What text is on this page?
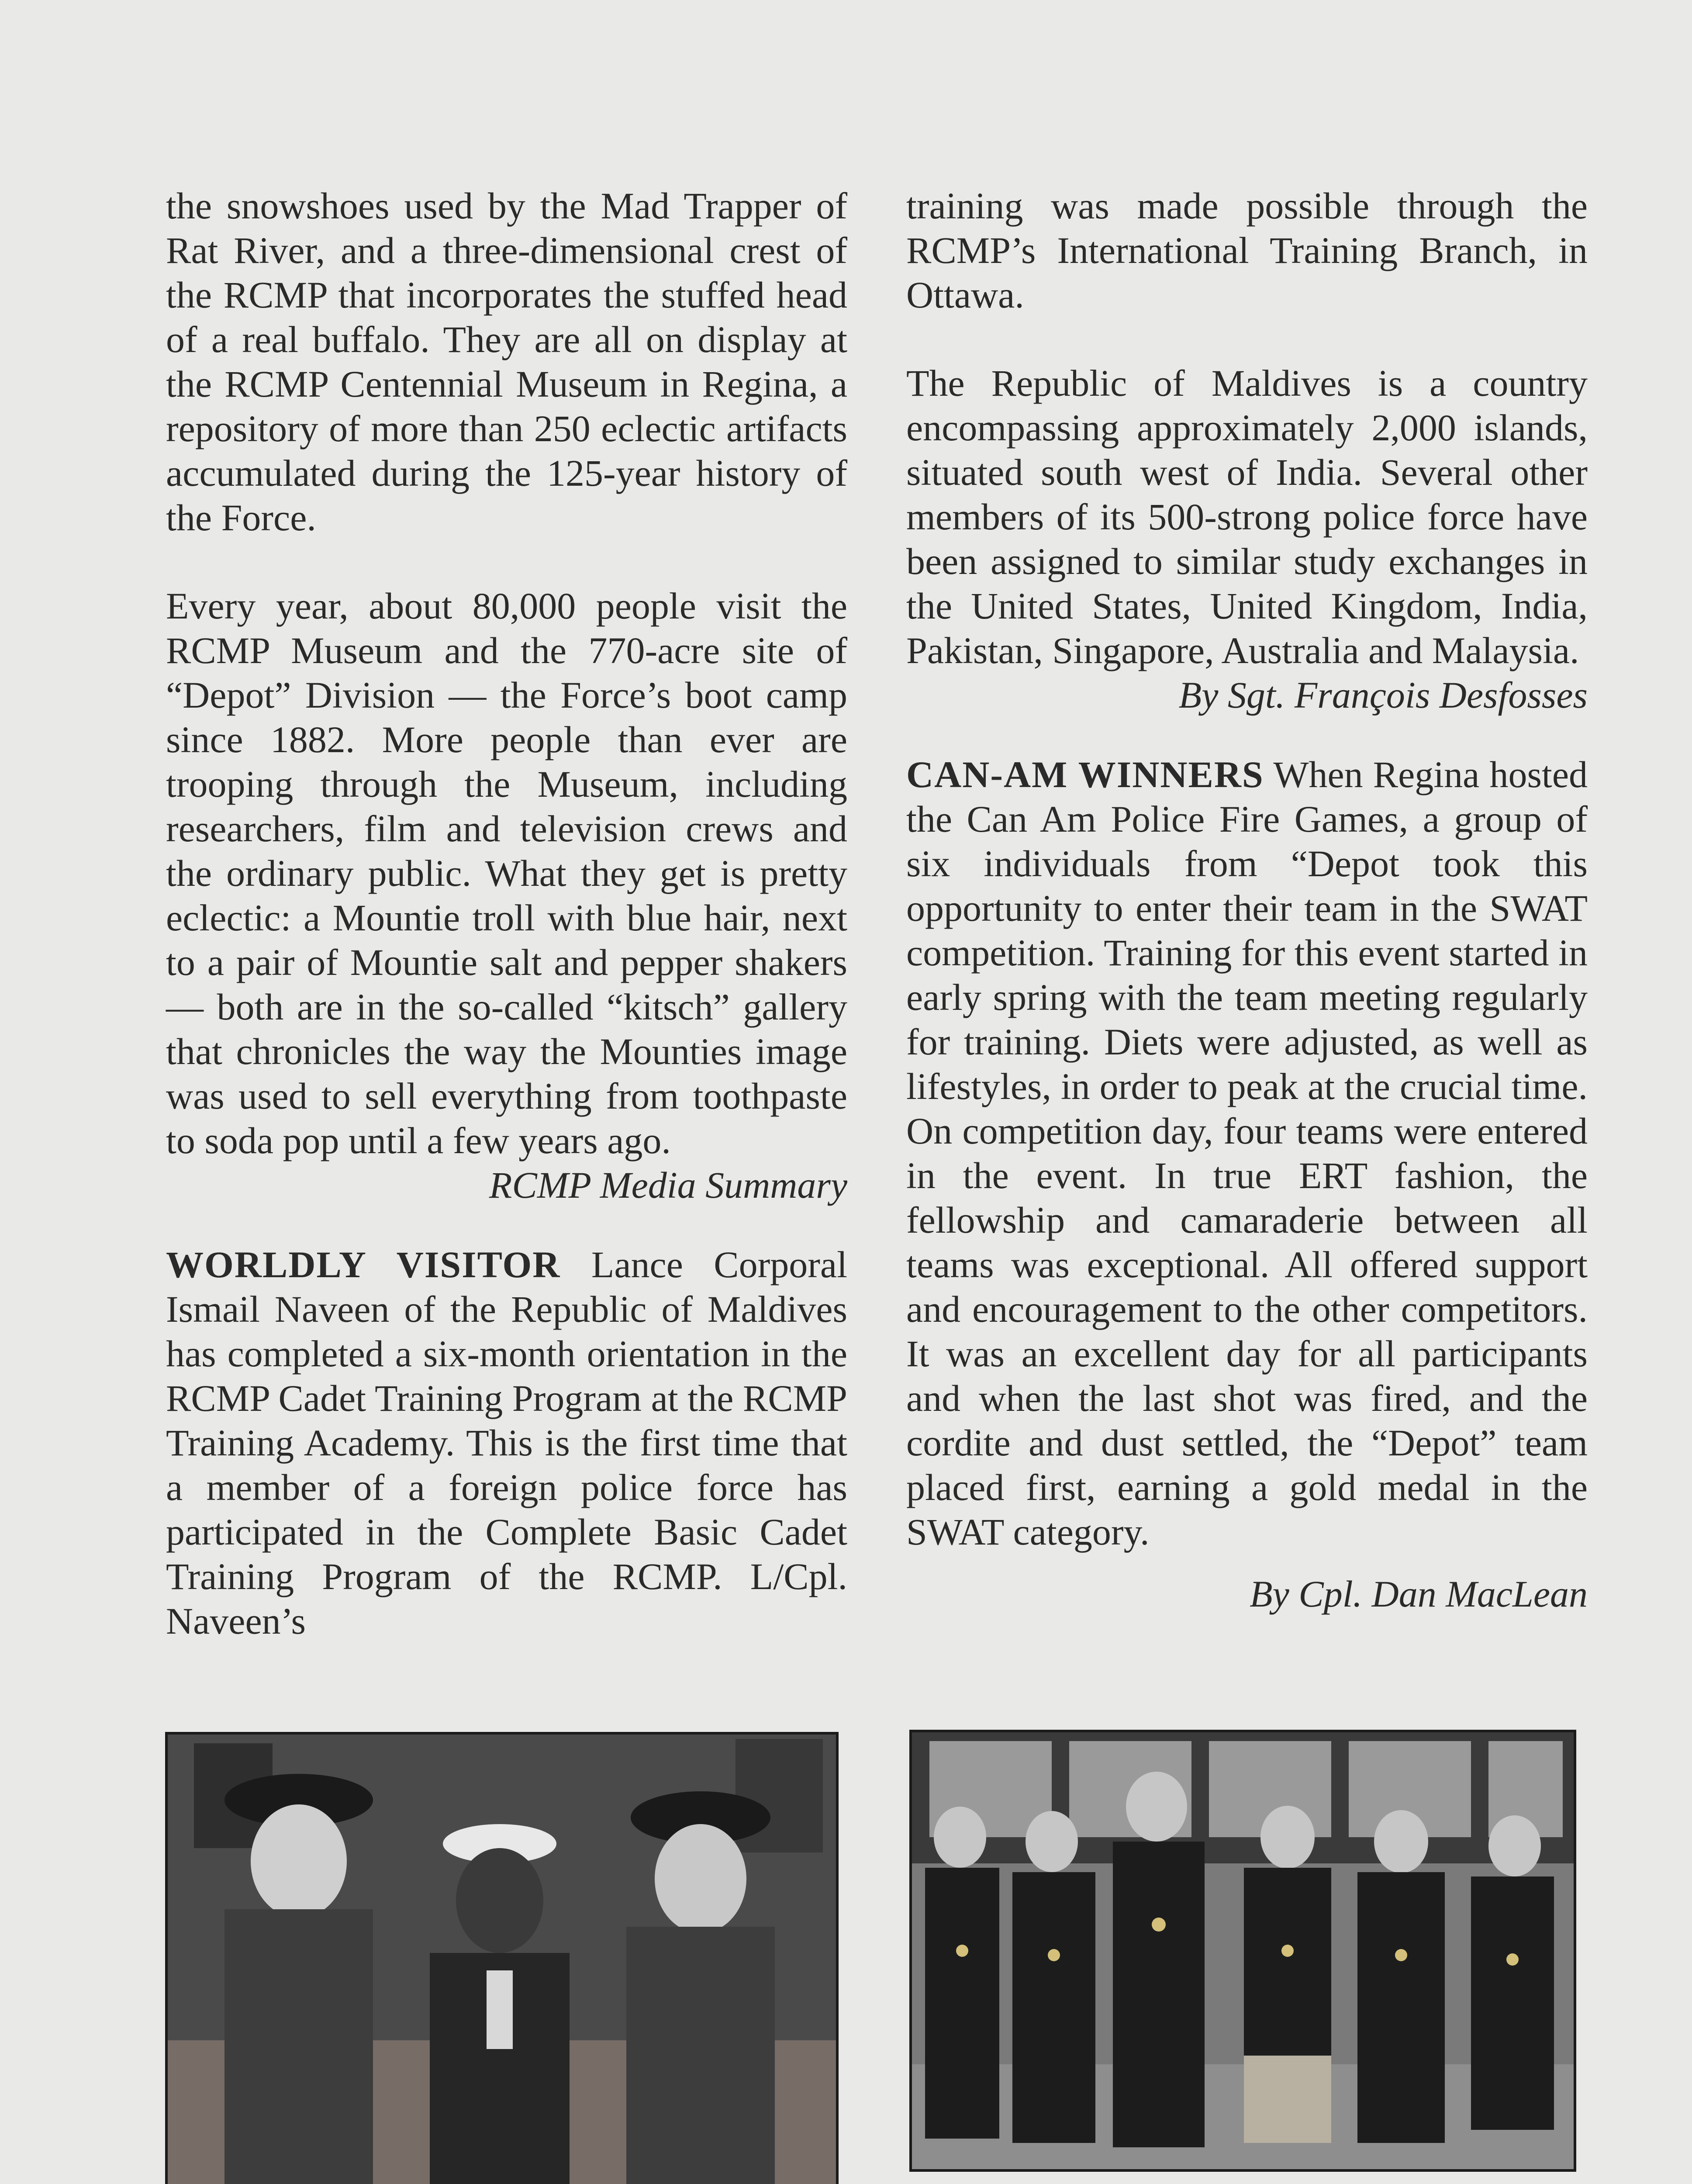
the snowshoes used by the Mad Trapper of Rat River, and a three-dimensional crest of the RCMP that incorporates the stuffed head of a real buffalo. They are all on display at the RCMP Centennial Museum in Regina, a repository of more than 250 eclectic artifacts accumulated during the 125-year history of the Force.

Every year, about 80,000 people visit the RCMP Museum and the 770-acre site of “Depot” Division — the Force’s boot camp since 1882. More people than ever are trooping through the Museum, including researchers, film and television crews and the ordinary public. What they get is pretty eclectic: a Mountie troll with blue hair, next to a pair of Mountie salt and pepper shakers — both are in the so-called “kitsch” gallery that chronicles the way the Mounties image was used to sell everything from toothpaste to soda pop until a few years ago.

RCMP Media Summary

WORLDLY VISITOR Lance Corporal Ismail Naveen of the Republic of Maldives has completed a six-month orientation in the RCMP Cadet Training Program at the RCMP Training Academy. This is the first time that a member of a foreign police force has participated in the Complete Basic Cadet Training Program of the RCMP. L/Cpl. Naveen’s

training was made possible through the RCMP’s International Training Branch, in Ottawa.

The Republic of Maldives is a country encompassing approximately 2,000 islands, situated south west of India. Several other members of its 500-strong police force have been assigned to similar study exchanges in the United States, United Kingdom, India, Pakistan, Singapore, Australia and Malaysia.

By Sgt. François Desfosses

CAN-AM WINNERS When Regina hosted the Can Am Police Fire Games, a group of six individuals from “Depot took this opportunity to enter their team in the SWAT competition. Training for this event started in early spring with the team meeting regularly for training. Diets were adjusted, as well as lifestyles, in order to peak at the crucial time. On competition day, four teams were entered in the event. In true ERT fashion, the fellowship and camaraderie between all teams was exceptional. All offered support and encouragement to the other competitors. It was an excellent day for all participants and when the last shot was fired, and the cordite and dust settled, the “Depot” team placed first, earning a gold medal in the SWAT category.

By Cpl. Dan MacLean
